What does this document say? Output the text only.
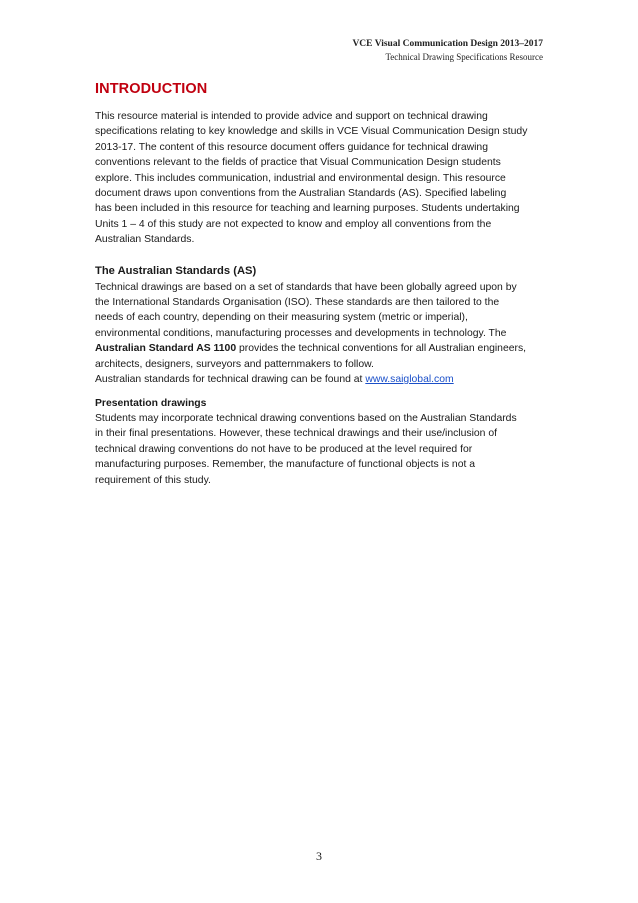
VCE Visual Communication Design 2013–2017
Technical Drawing Specifications Resource
INTRODUCTION
This resource material is intended to provide advice and support on technical drawing
specifications relating to key knowledge and skills in VCE Visual Communication Design study
2013-17. The content of this resource document offers guidance for technical drawing
conventions relevant to the fields of practice that Visual Communication Design students
explore. This includes communication, industrial and environmental design. This resource
document draws upon conventions from the Australian Standards (AS). Specified labeling
has been included in this resource for teaching and learning purposes. Students undertaking
Units 1 – 4 of this study are not expected to know and employ all conventions from the
Australian Standards.
The Australian Standards (AS)
Technical drawings are based on a set of standards that have been globally agreed upon by
the International Standards Organisation (ISO). These standards are then tailored to the
needs of each country, depending on their measuring system (metric or imperial),
environmental conditions, manufacturing processes and developments in technology. The
Australian Standard AS 1100 provides the technical conventions for all Australian engineers,
architects, designers, surveyors and patternmakers to follow.
Australian standards for technical drawing can be found at www.saiglobal.com
Presentation drawings
Students may incorporate technical drawing conventions based on the Australian Standards
in their final presentations. However, these technical drawings and their use/inclusion of
technical drawing conventions do not have to be produced at the level required for
manufacturing purposes. Remember, the manufacture of functional objects is not a
requirement of this study.
3
